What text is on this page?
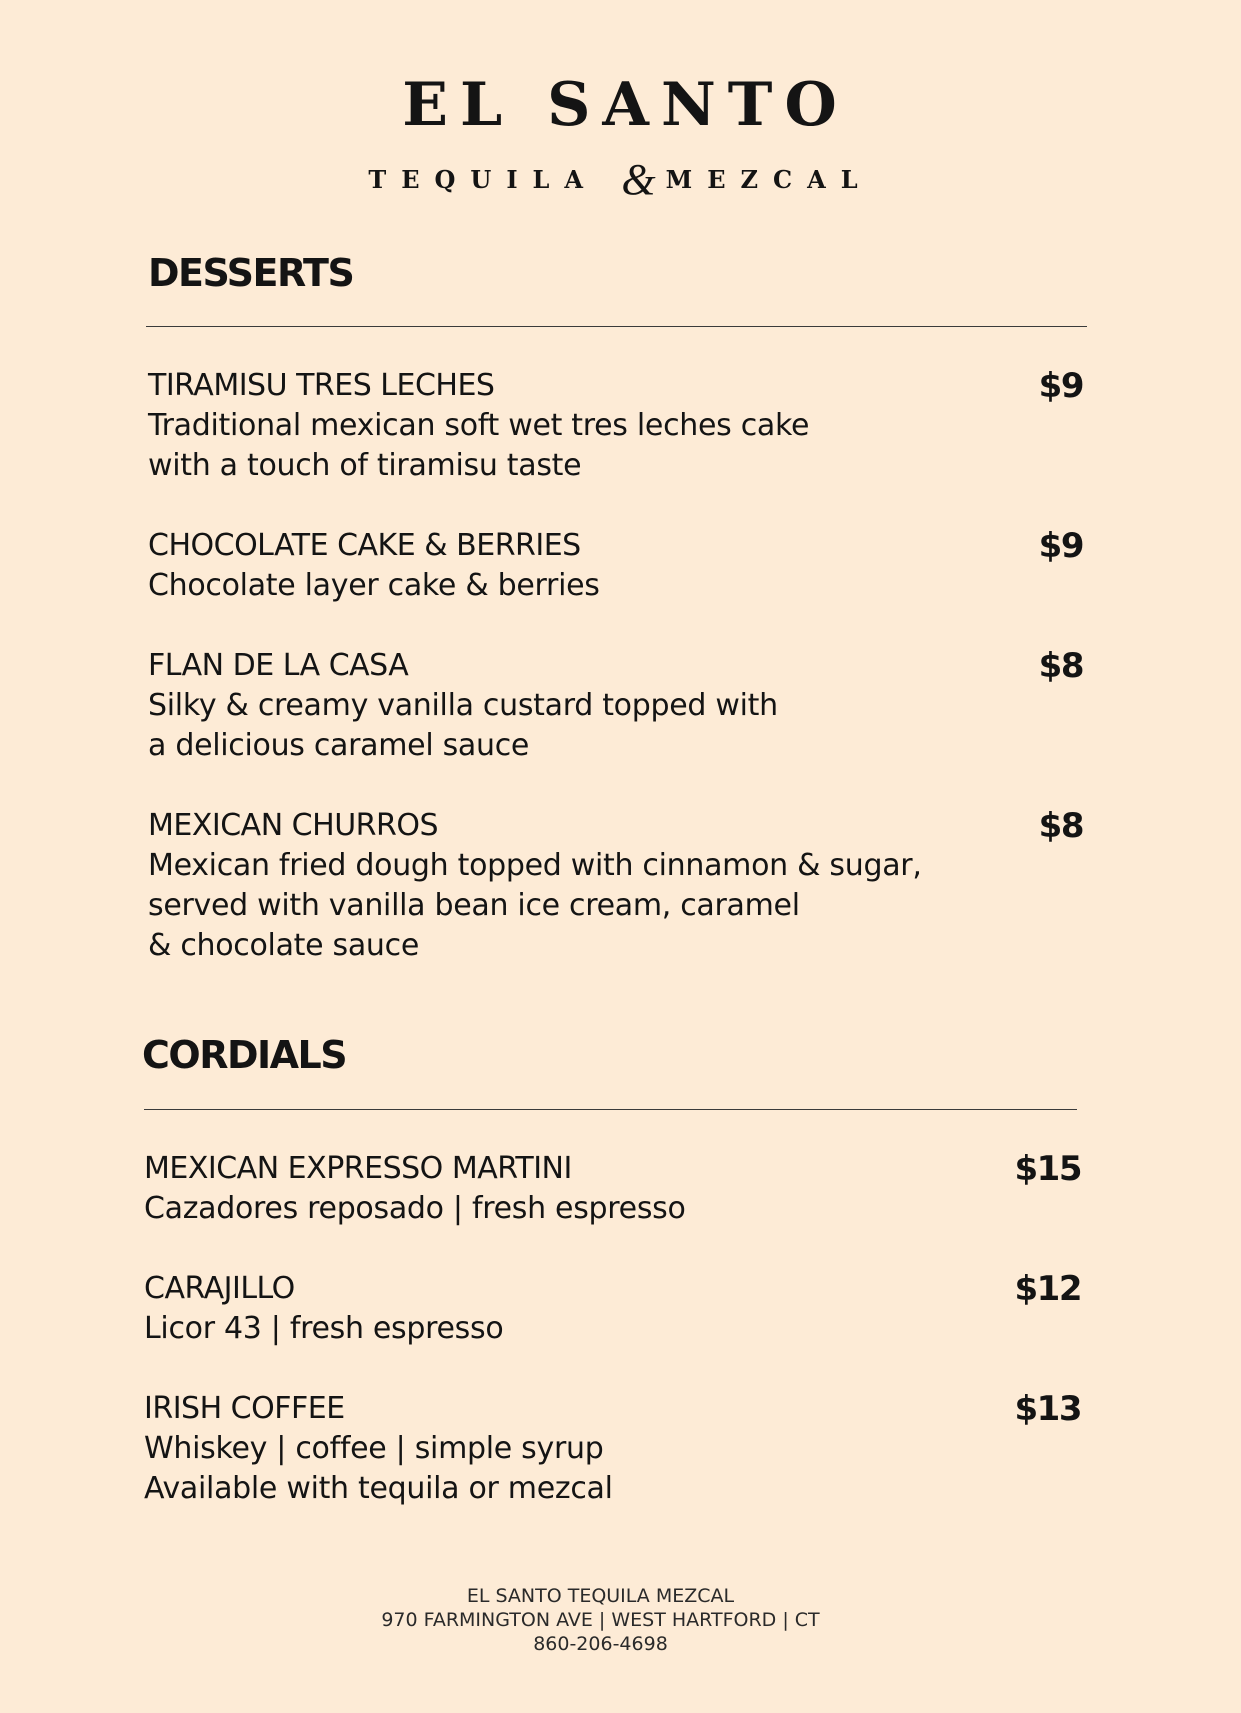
EL SANTO
TEQUILA & MEZCAL
DESSERTS
TIRAMISU TRES LECHES
Traditional mexican soft wet tres leches cake
with a touch of tiramisu taste
$9
CHOCOLATE CAKE & BERRIES
Chocolate layer cake & berries
$9
FLAN DE LA CASA
Silky & creamy vanilla custard topped with
a delicious caramel sauce
$8
MEXICAN CHURROS
Mexican fried dough topped with cinnamon & sugar,
served with vanilla bean ice cream, caramel
& chocolate sauce
$8
CORDIALS
MEXICAN EXPRESSO MARTINI
Cazadores reposado | fresh espresso
$15
CARAJILLO
Licor 43 | fresh espresso
$12
IRISH COFFEE
Whiskey | coffee | simple syrup
Available with tequila or mezcal
$13
EL SANTO TEQUILA MEZCAL
970 FARMINGTON AVE | WEST HARTFORD | CT
860-206-4698
